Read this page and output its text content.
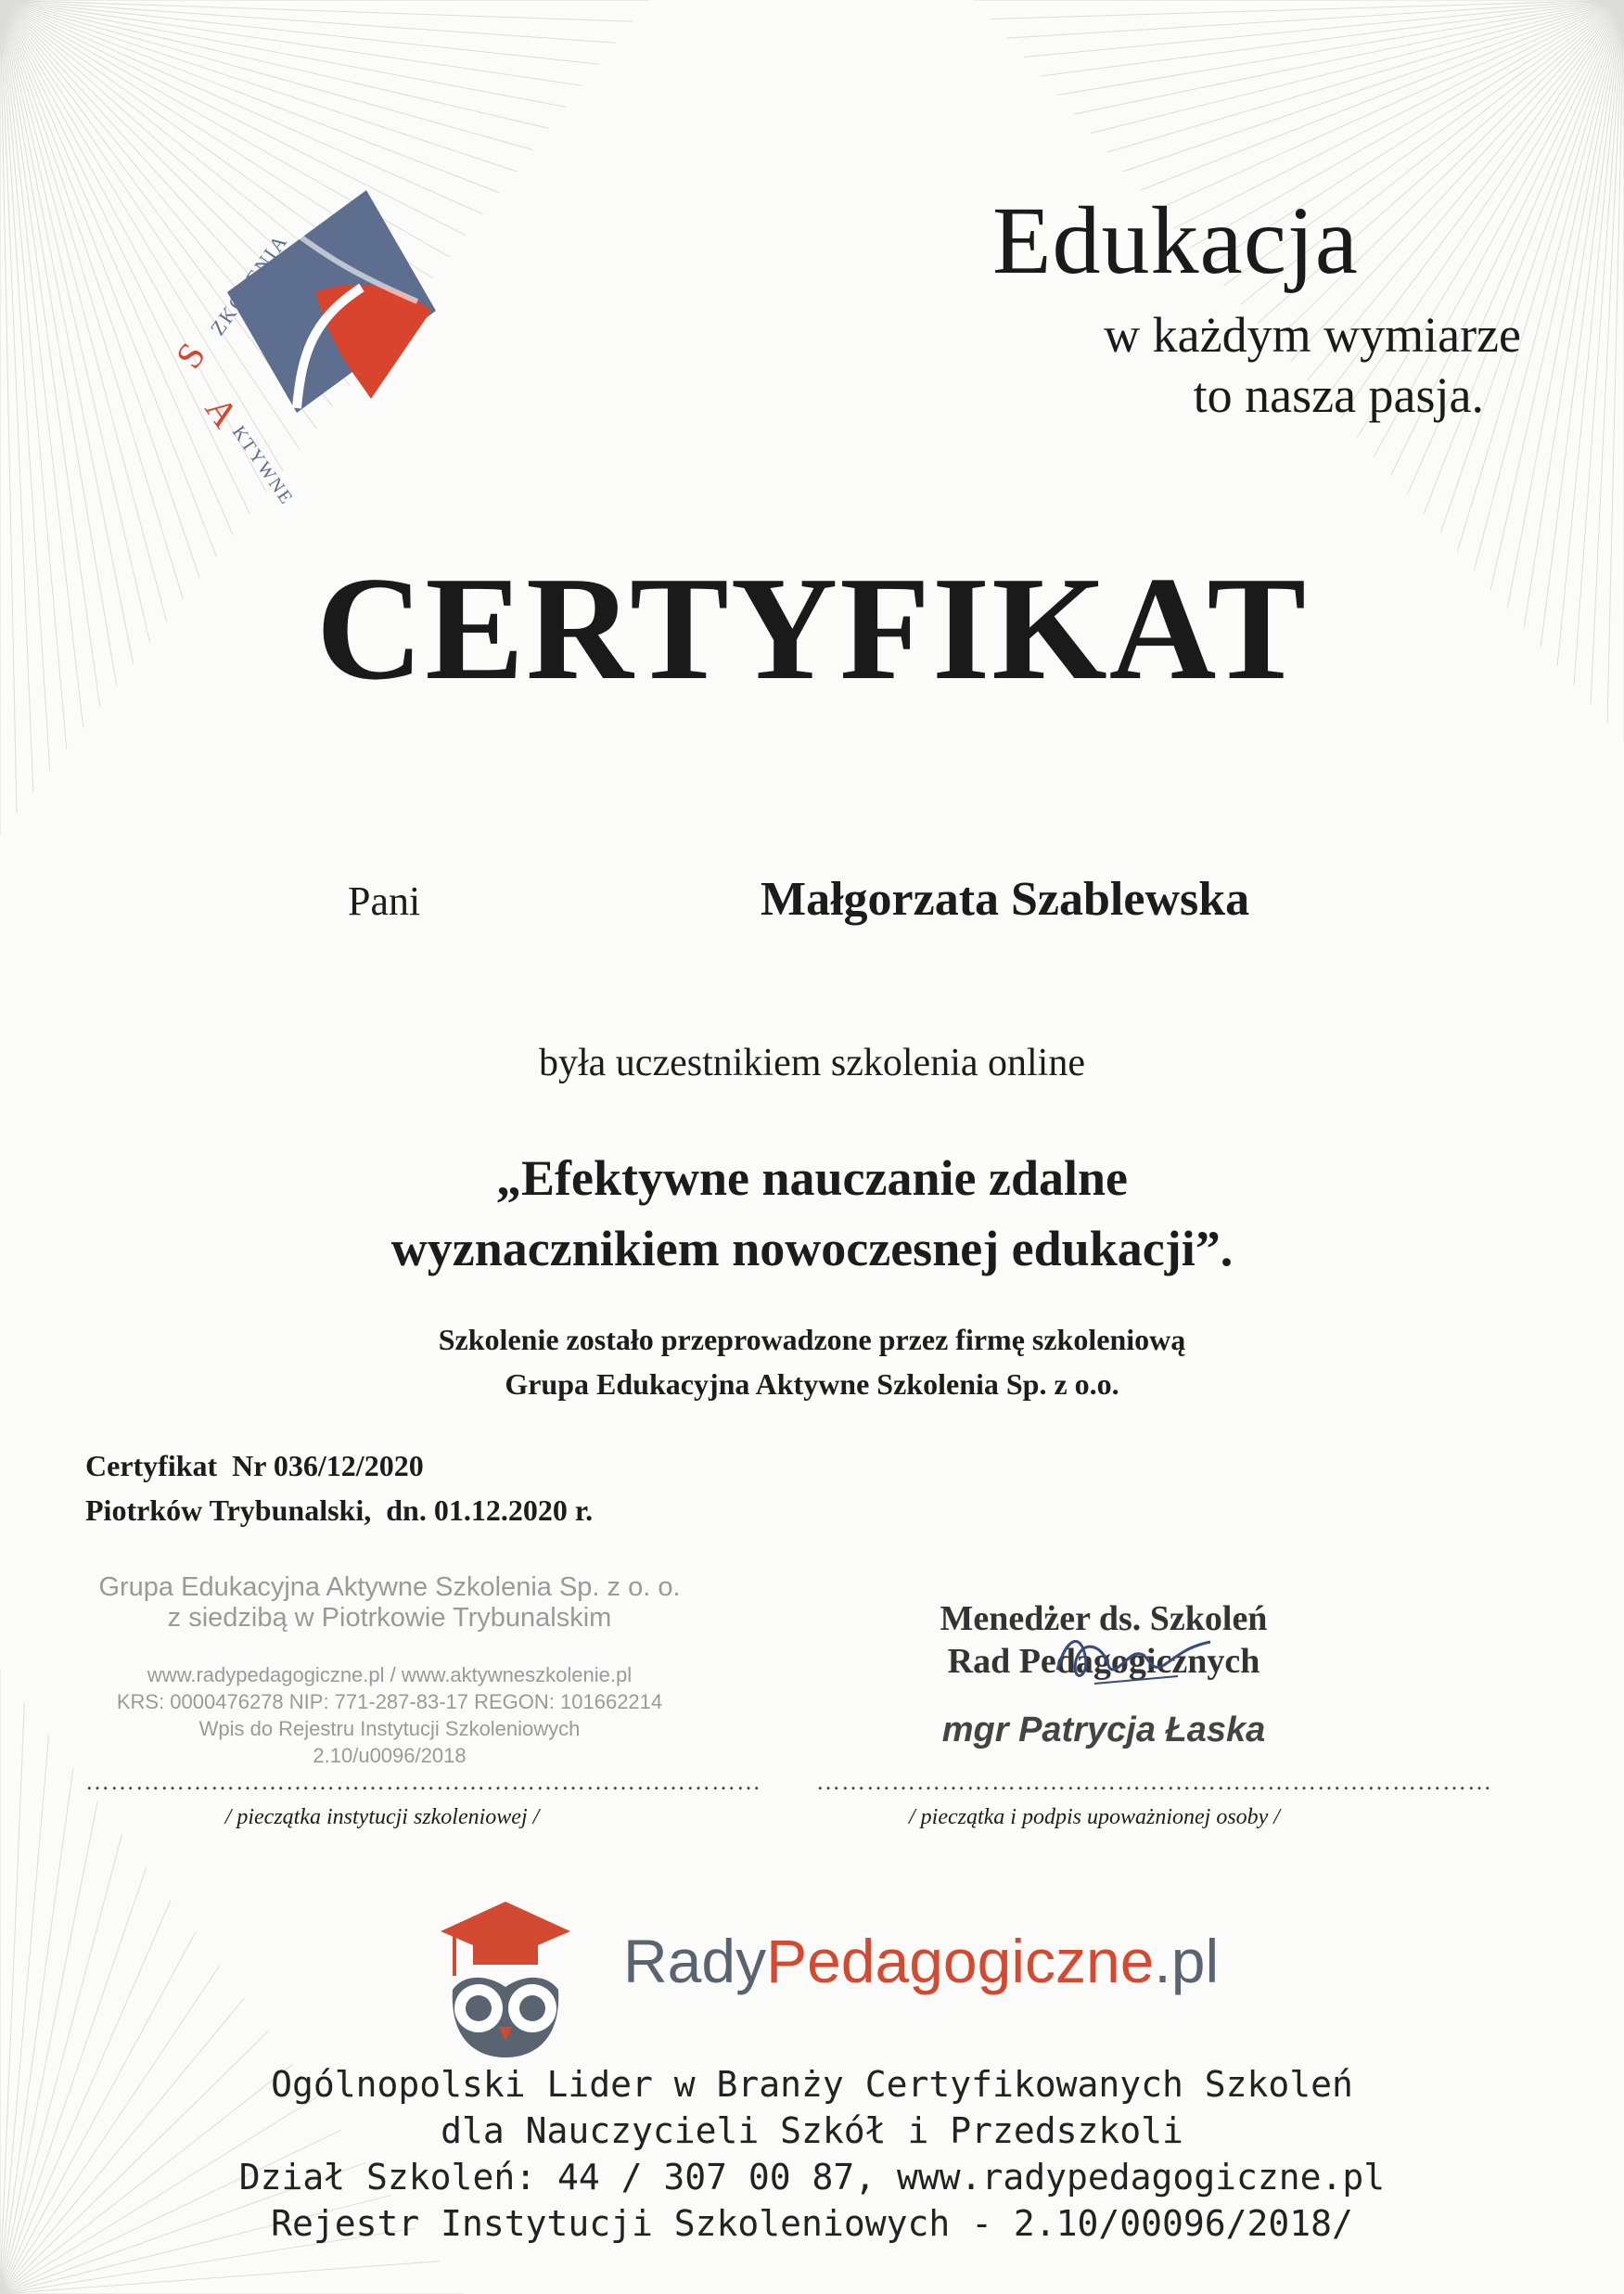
S
ZKOLENIA
A
KTYWNE
Edukacja
w każdym wymiarze
to nasza pasja.
CERTYFIKAT
Pani	Małgorzata Szablewska
była uczestnikiem szkolenia online
„Efektywne nauczanie zdalne
wyznacznikiem nowoczesnej edukacji”.
Szkolenie zostało przeprowadzone przez firmę szkoleniową
Grupa Edukacyjna Aktywne Szkolenia Sp. z o.o.
Certyfikat  Nr 036/12/2020
Piotrków Trybunalski,  dn. 01.12.2020 r.
Grupa Edukacyjna Aktywne Szkolenia Sp. z o. o.
z siedzibą w Piotrkowie Trybunalskim
www.radypedagogiczne.pl / www.aktywneszkolenie.pl
KRS: 0000476278 NIP: 771-287-83-17 REGON: 101662214
Wpis do Rejestru Instytucji Szkoleniowych
2.10/u0096/2018
Menedżer ds. Szkoleń
Rad Pedagogicznych
mgr Patrycja Łaska
……………………………………………………………………… ………………………………………………………………………
/ pieczątka instytucji szkoleniowej /	/ pieczątka i podpis upoważnionej osoby /
RadyPedagogiczne.pl
Ogólnopolski Lider w Branży Certyfikowanych Szkoleń
dla Nauczycieli Szkół i Przedszkoli
Dział Szkoleń: 44 / 307 00 87, www.radypedagogiczne.pl
Rejestr Instytucji Szkoleniowych - 2.10/00096/2018/
